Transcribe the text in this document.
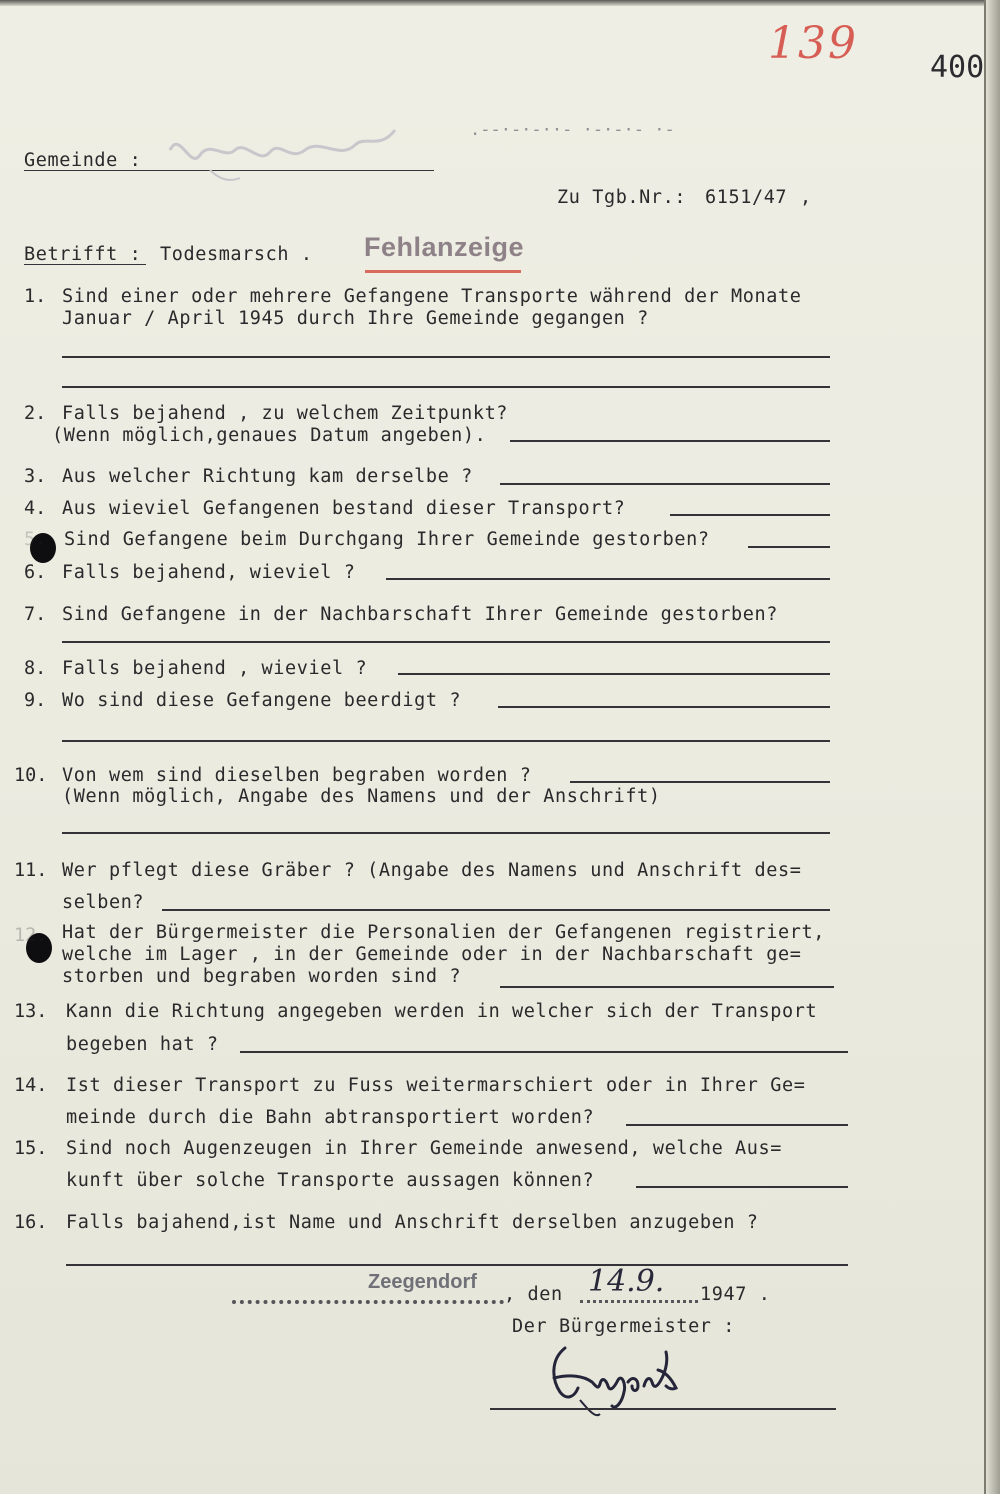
139 400
Gemeinde :
.--·-·-··- ·-·-·- ·-
Zu Tgb.Nr.: 6151/47 ,
Betrifft : Todesmarsch . Fehlanzeige
1. Sind einer oder mehrere Gefangene Transporte während der Monate
Januar / April 1945 durch Ihre Gemeinde gegangen ?
2. Falls bejahend , zu welchem Zeitpunkt?
(Wenn möglich,genaues Datum angeben).
3. Aus welcher Richtung kam derselbe ?
4. Aus wieviel Gefangenen bestand dieser Transport?
5. Sind Gefangene beim Durchgang Ihrer Gemeinde gestorben?
6. Falls bejahend, wieviel ?
7. Sind Gefangene in der Nachbarschaft Ihrer Gemeinde gestorben?
8. Falls bejahend , wieviel ?
9. Wo sind diese Gefangene beerdigt ?
10. Von wem sind dieselben begraben worden ?
(Wenn möglich, Angabe des Namens und der Anschrift)
11. Wer pflegt diese Gräber ? (Angabe des Namens und Anschrift des=
selben?
12. Hat der Bürgermeister die Personalien der Gefangenen registriert,
welche im Lager , in der Gemeinde oder in der Nachbarschaft ge=
storben und begraben worden sind ?
13. Kann die Richtung angegeben werden in welcher sich der Transport
begeben hat ?
14. Ist dieser Transport zu Fuss weitermarschiert oder in Ihrer Ge=
meinde durch die Bahn abtransportiert worden?
15. Sind noch Augenzeugen in Ihrer Gemeinde anwesend, welche Aus=
kunft über solche Transporte aussagen können?
16. Falls bajahend,ist Name und Anschrift derselben anzugeben ?
Zeegendorf
, den 14.9. 1947 .
Der Bürgermeister :
